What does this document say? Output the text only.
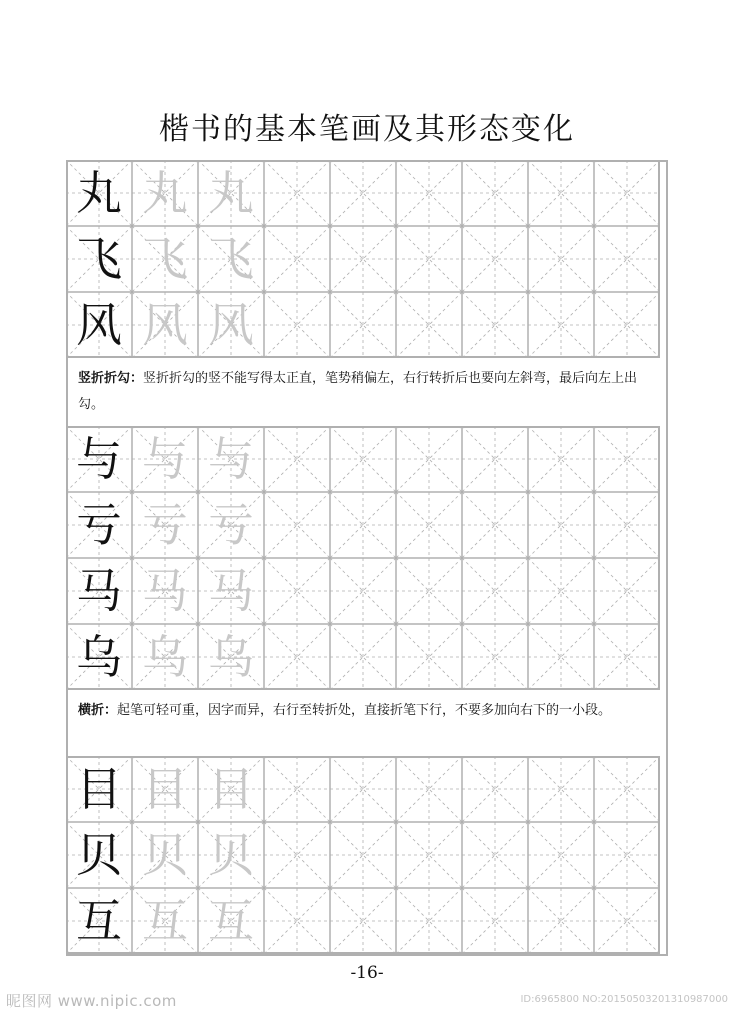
楷书的基本笔画及其形态变化
丸 丸 丸
飞 飞 飞
风 风 风
竖折折勾：竖折折勾的竖不能写得太正直，笔势稍偏左，右行转折后也要向左斜弯，最后向左上出勾。
与 与 与
亏 亏 亏
马 马 马
乌 乌 乌
横折：起笔可轻可重，因字而异，右行至转折处，直接折笔下行，不要多加向右下的一小段。
目 目 目
贝 贝 贝
互 互 互
-16-
昵图网 www.nipic.com	ID:6965800 NO:20150503201310987000
